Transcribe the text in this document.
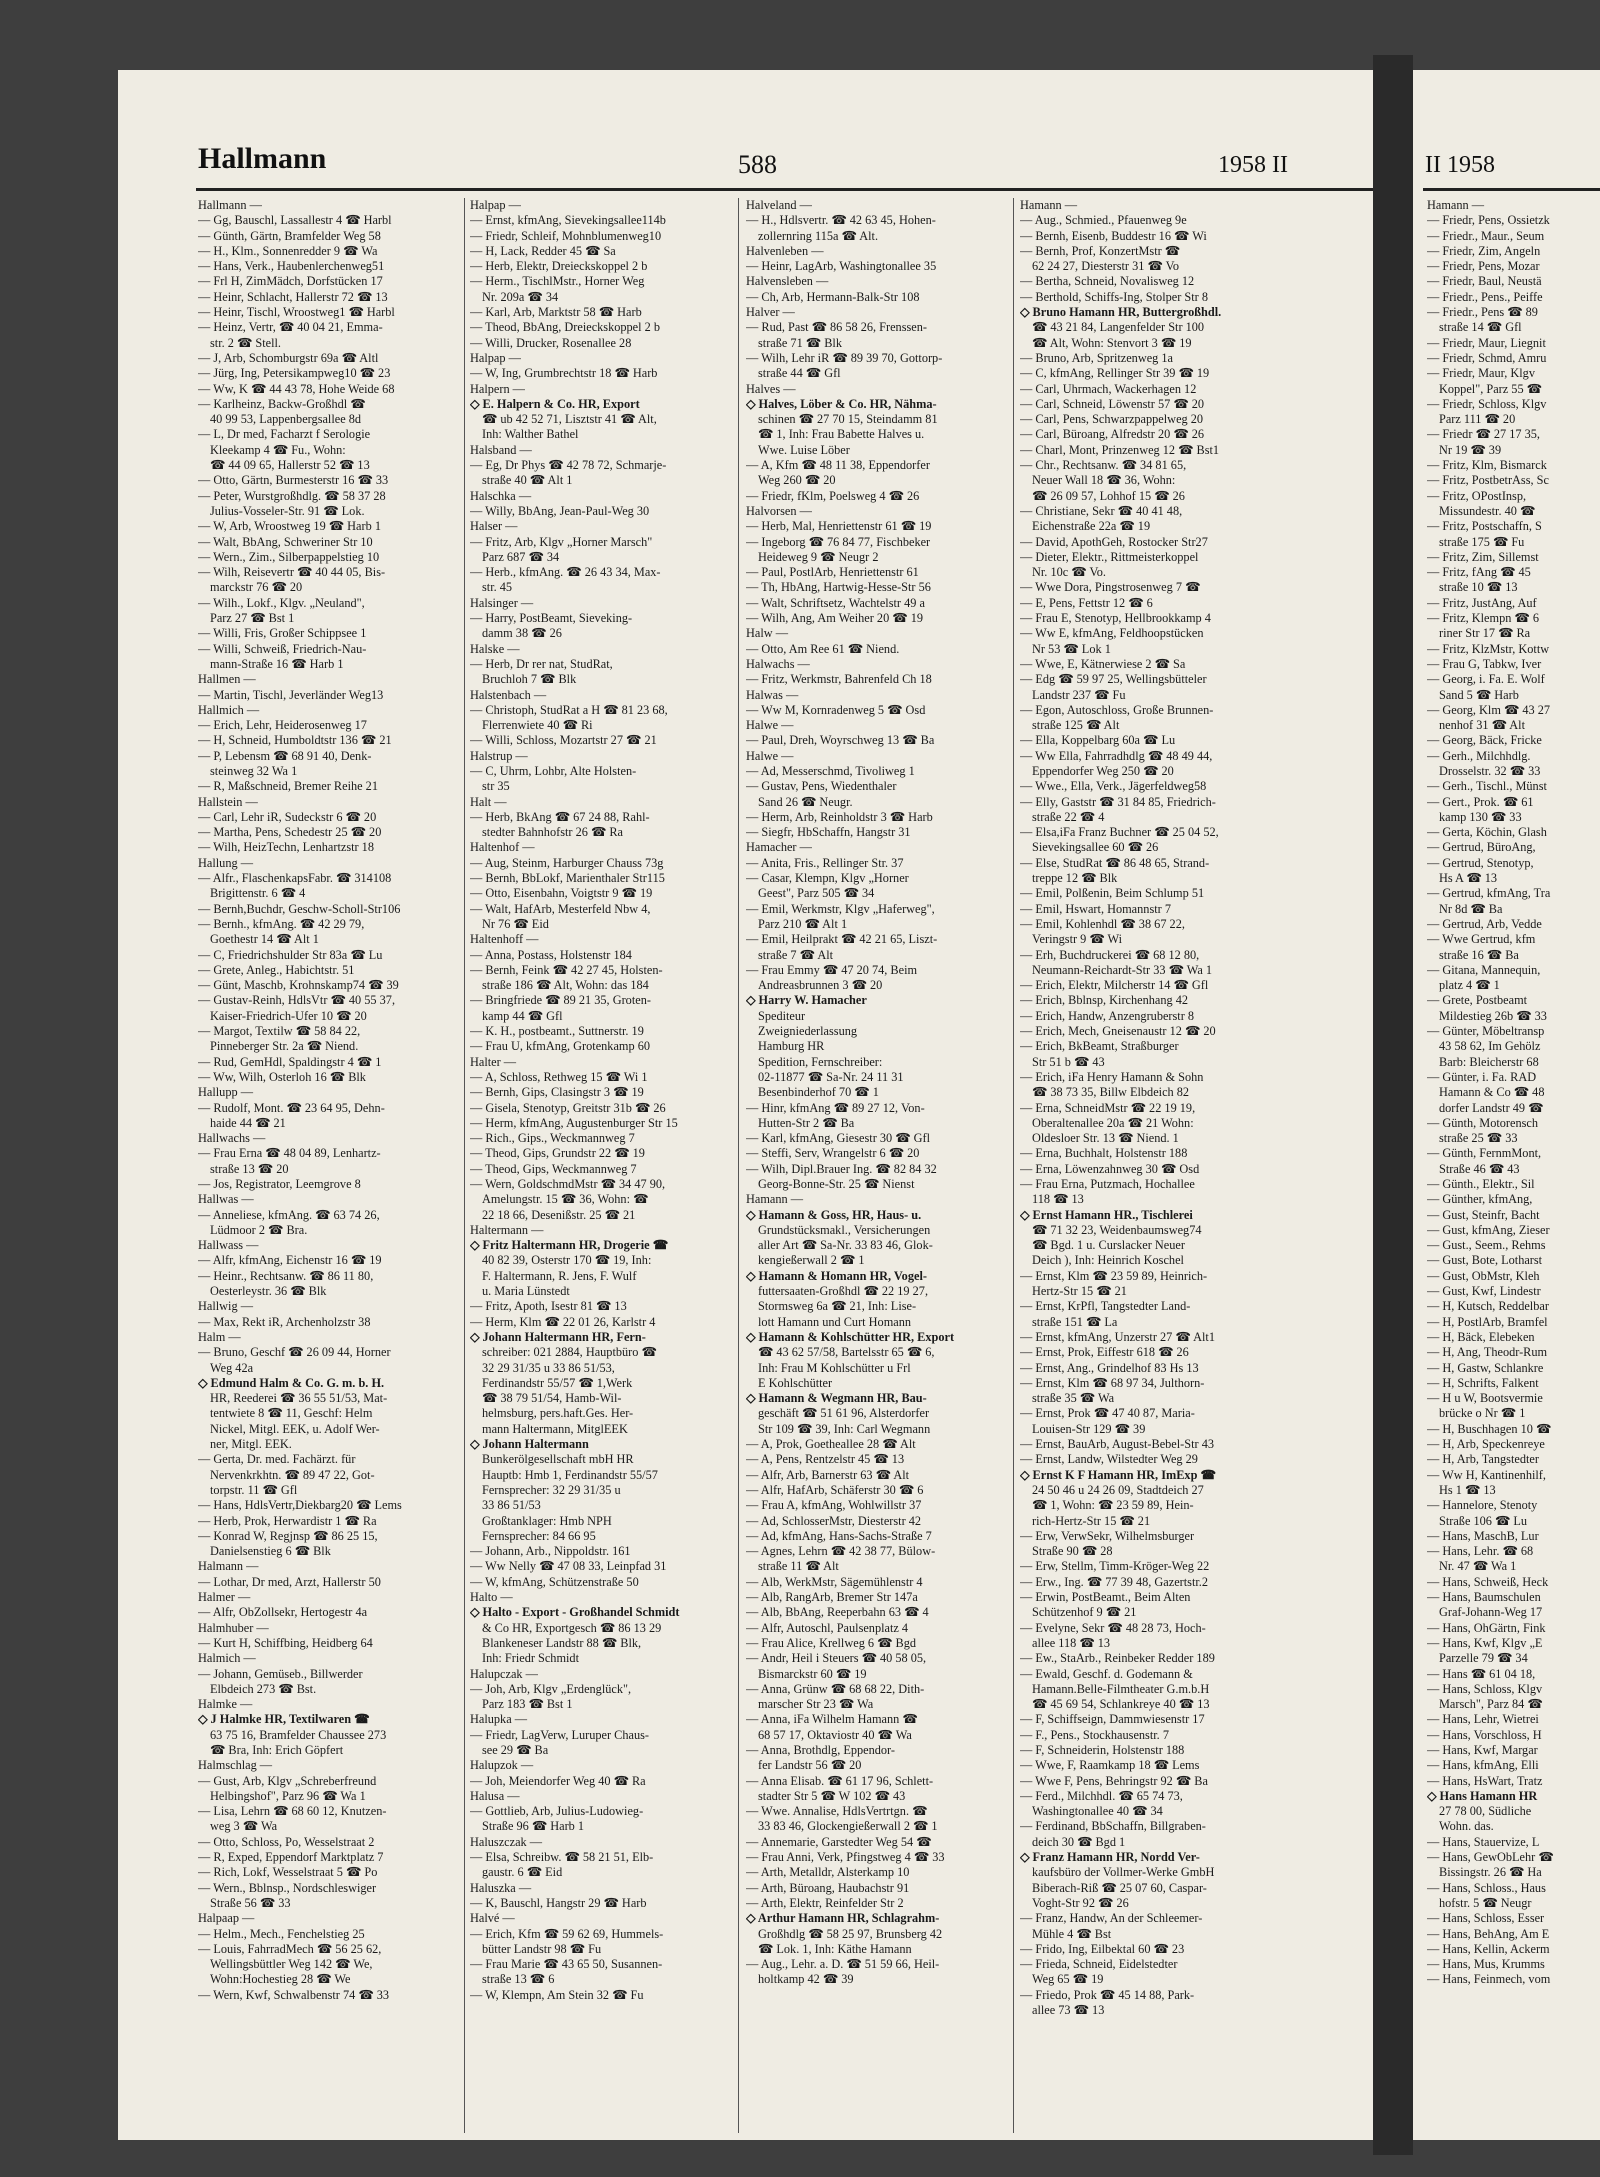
Hallmann	588	1958 II
Hallmann —
— Gg, Bauschl, Lassallestr 4 ☎ Harbl
— Günth, Gärtn, Bramfelder Weg 58
— H., Klm., Sonnenredder 9 ☎ Wa
— Hans, Verk., Haubenlerchenweg51
— Frl H, ZimMädch, Dorfstücken 17
— Heinr, Schlacht, Hallerstr 72 ☎ 13
— Heinr, Tischl, Wroostweg1 ☎ Harbl
— Heinz, Vertr, ☎ 40 04 21, Emma-
str. 2 ☎ Stell.
— J, Arb, Schomburgstr 69a ☎ Altl
— Jürg, Ing, Petersikampweg10 ☎ 23
— Ww, K ☎ 44 43 78, Hohe Weide 68
— Karlheinz, Backw-Großhdl ☎
40 99 53, Lappenbergsallee 8d
— L, Dr med, Facharzt f Serologie
Kleekamp 4 ☎ Fu., Wohn:
☎ 44 09 65, Hallerstr 52 ☎ 13
— Otto, Gärtn, Burmesterstr 16 ☎ 33
— Peter, Wurstgroßhdlg. ☎ 58 37 28
Julius-Vosseler-Str. 91 ☎ Lok.
— W, Arb, Wroostweg 19 ☎ Harb 1
— Walt, BbAng, Schweriner Str 10
— Wern., Zim., Silberpappelstieg 10
— Wilh, Reisevertr ☎ 40 44 05, Bis-
marckstr 76 ☎ 20
— Wilh., Lokf., Klgv. „Neuland",
Parz 27 ☎ Bst 1
— Willi, Fris, Großer Schippsee 1
— Willi, Schweiß, Friedrich-Nau-
mann-Straße 16 ☎ Harb 1
Hallmen —
— Martin, Tischl, Jeverländer Weg13
Hallmich —
— Erich, Lehr, Heiderosenweg 17
— H, Schneid, Humboldtstr 136 ☎ 21
— P, Lebensm ☎ 68 91 40, Denk-
steinweg 32 Wa 1
— R, Maßschneid, Bremer Reihe 21
Hallstein —
— Carl, Lehr iR, Sudeckstr 6 ☎ 20
— Martha, Pens, Schedestr 25 ☎ 20
— Wilh, HeizTechn, Lenhartzstr 18
Hallung —
— Alfr., FlaschenkapsFabr. ☎ 314108
Brigittenstr. 6 ☎ 4
— Bernh,Buchdr, Geschw-Scholl-Str106
— Bernh., kfmAng. ☎ 42 29 79,
Goethestr 14 ☎ Alt 1
— C, Friedrichshulder Str 83a ☎ Lu
— Grete, Anleg., Habichtstr. 51
— Günt, Maschb, Krohnskamp74 ☎ 39
— Gustav-Reinh, HdlsVtr ☎ 40 55 37,
Kaiser-Friedrich-Ufer 10 ☎ 20
— Margot, Textilw ☎ 58 84 22,
Pinneberger Str. 2a ☎ Niend.
— Rud, GemHdl, Spaldingstr 4 ☎ 1
— Ww, Wilh, Osterloh 16 ☎ Blk
Hallupp —
— Rudolf, Mont. ☎ 23 64 95, Dehn-
haide 44 ☎ 21
Hallwachs —
— Frau Erna ☎ 48 04 89, Lenhartz-
straße 13 ☎ 20
— Jos, Registrator, Leemgrove 8
Hallwas —
— Anneliese, kfmAng. ☎ 63 74 26,
Lüdmoor 2 ☎ Bra.
Hallwass —
— Alfr, kfmAng, Eichenstr 16 ☎ 19
— Heinr., Rechtsanw. ☎ 86 11 80,
Oesterleystr. 36 ☎ Blk
Hallwig —
— Max, Rekt iR, Archenholzstr 38
Halm —
— Bruno, Geschf ☎ 26 09 44, Horner
Weg 42a
◇ Edmund Halm & Co. G. m. b. H.
HR, Reederei ☎ 36 55 51/53, Mat-
tentwiete 8 ☎ 11, Geschf: Helm
Nickel, Mitgl. EEK, u. Adolf Wer-
ner, Mitgl. EEK.
— Gerta, Dr. med. Fachärzt. für
Nervenkrkhtn. ☎ 89 47 22, Got-
torpstr. 11 ☎ Gfl
— Hans, HdlsVertr,Diekbarg20 ☎ Lems
— Herb, Prok, Herwardistr 1 ☎ Ra
— Konrad W, Regjnsp ☎ 86 25 15,
Danielsenstieg 6 ☎ Blk
Halmann —
— Lothar, Dr med, Arzt, Hallerstr 50
Halmer —
— Alfr, ObZollsekr, Hertogestr 4a
Halmhuber —
— Kurt H, Schiffbing, Heidberg 64
Halmich —
— Johann, Gemüseb., Billwerder
Elbdeich 273 ☎ Bst.
Halmke —
◇ J Halmke HR, Textilwaren ☎
63 75 16, Bramfelder Chaussee 273
☎ Bra, Inh: Erich Göpfert
Halmschlag —
— Gust, Arb, Klgv „Schreberfreund
Helbingshof", Parz 96 ☎ Wa 1
— Lisa, Lehrn ☎ 68 60 12, Knutzen-
weg 3 ☎ Wa
— Otto, Schloss, Po, Wesselstraat 2
— R, Exped, Eppendorf Marktplatz 7
— Rich, Lokf, Wesselstraat 5 ☎ Po
— Wern., Bblnsp., Nordschleswiger
Straße 56 ☎ 33
Halpaap —
— Helm., Mech., Fenchelstieg 25
— Louis, FahrradMech ☎ 56 25 62,
Wellingsbüttler Weg 142 ☎ We,
Wohn:Hochestieg 28 ☎ We
— Wern, Kwf, Schwalbenstr 74 ☎ 33
Halpap —
— Ernst, kfmAng, Sievekingsallee114b
— Friedr, Schleif, Mohnblumenweg10
— H, Lack, Redder 45 ☎ Sa
— Herb, Elektr, Dreieckskoppel 2 b
— Herm., TischlMstr., Horner Weg
Nr. 209a ☎ 34
— Karl, Arb, Marktstr 58 ☎ Harb
— Theod, BbAng, Dreieckskoppel 2 b
— Willi, Drucker, Rosenallee 28
Halpap —
— W, Ing, Grumbrechtstr 18 ☎ Harb
Halpern —
◇ E. Halpern & Co. HR, Export
☎ ub 42 52 71, Lisztstr 41 ☎ Alt,
Inh: Walther Bathel
Halsband —
— Eg, Dr Phys ☎ 42 78 72, Schmarje-
straße 40 ☎ Alt 1
Halschka —
— Willy, BbAng, Jean-Paul-Weg 30
Halser —
— Fritz, Arb, Klgv „Horner Marsch"
Parz 687 ☎ 34
— Herb., kfmAng. ☎ 26 43 34, Max-
str. 45
Halsinger —
— Harry, PostBeamt, Sieveking-
damm 38 ☎ 26
Halske —
— Herb, Dr rer nat, StudRat,
Bruchloh 7 ☎ Blk
Halstenbach —
— Christoph, StudRat a H ☎ 81 23 68,
Flerrenwiete 40 ☎ Ri
— Willi, Schloss, Mozartstr 27 ☎ 21
Halstrup —
— C, Uhrm, Lohbr, Alte Holsten-
str 35
Halt —
— Herb, BkAng ☎ 67 24 88, Rahl-
stedter Bahnhofstr 26 ☎ Ra
Haltenhof —
— Aug, Steinm, Harburger Chauss 73g
— Bernh, BbLokf, Marienthaler Str115
— Otto, Eisenbahn, Voigtstr 9 ☎ 19
— Walt, HafArb, Mesterfeld Nbw 4,
Nr 76 ☎ Eid
Haltenhoff —
— Anna, Postass, Holstenstr 184
— Bernh, Feink ☎ 42 27 45, Holsten-
straße 186 ☎ Alt, Wohn: das 184
— Bringfriede ☎ 89 21 35, Groten-
kamp 44 ☎ Gfl
— K. H., postbeamt., Suttnerstr. 19
— Frau U, kfmAng, Grotenkamp 60
Halter —
— A, Schloss, Rethweg 15 ☎ Wi 1
— Bernh, Gips, Clasingstr 3 ☎ 19
— Gisela, Stenotyp, Greitstr 31b ☎ 26
— Herm, kfmAng, Augustenburger Str 15
— Rich., Gips., Weckmannweg 7
— Theod, Gips, Grundstr 22 ☎ 19
— Theod, Gips, Weckmannweg 7
— Wern, GoldschmdMstr ☎ 34 47 90,
Amelungstr. 15 ☎ 36, Wohn: ☎
22 18 66, Desenißstr. 25 ☎ 21
Haltermann —
◇ Fritz Haltermann HR, Drogerie ☎
40 82 39, Osterstr 170 ☎ 19, Inh:
F. Haltermann, R. Jens, F. Wulf
u. Maria Lünstedt
— Fritz, Apoth, Isestr 81 ☎ 13
— Herm, Klm ☎ 22 01 26, Karlstr 4
◇ Johann Haltermann HR, Fern-
schreiber: 021 2884, Hauptbüro ☎
32 29 31/35 u 33 86 51/53,
Ferdinandstr 55/57 ☎ 1,Werk
☎ 38 79 51/54, Hamb-Wil-
helmsburg, pers.haft.Ges. Her-
mann Haltermann, MitglEEK
◇ Johann Haltermann
Bunkerölgesellschaft mbH HR
Hauptb: Hmb 1, Ferdinandstr 55/57
Fernsprecher: 32 29 31/35 u
33 86 51/53
Großtanklager: Hmb NPH
Fernsprecher: 84 66 95
— Johann, Arb., Nippoldstr. 161
— Ww Nelly ☎ 47 08 33, Leinpfad 31
— W, kfmAng, Schützenstraße 50
Halto —
◇ Halto - Export - Großhandel Schmidt
& Co HR, Exportgesch ☎ 86 13 29
Blankeneser Landstr 88 ☎ Blk,
Inh: Friedr Schmidt
Halupczak —
— Joh, Arb, Klgv „Erdenglück",
Parz 183 ☎ Bst 1
Halupka —
— Friedr, LagVerw, Luruper Chaus-
see 29 ☎ Ba
Halupzok —
— Joh, Meiendorfer Weg 40 ☎ Ra
Halusa —
— Gottlieb, Arb, Julius-Ludowieg-
Straße 96 ☎ Harb 1
Haluszczak —
— Elsa, Schreibw. ☎ 58 21 51, Elb-
gaustr. 6 ☎ Eid
Haluszka —
— K, Bauschl, Hangstr 29 ☎ Harb
Halvé —
— Erich, Kfm ☎ 59 62 69, Hummels-
bütter Landstr 98 ☎ Fu
— Frau Marie ☎ 43 65 50, Susannen-
straße 13 ☎ 6
— W, Klempn, Am Stein 32 ☎ Fu
Halveland —
— H., Hdlsvertr. ☎ 42 63 45, Hohen-
zollernring 115a ☎ Alt.
Halvenleben —
— Heinr, LagArb, Washingtonallee 35
Halvensleben —
— Ch, Arb, Hermann-Balk-Str 108
Halver —
— Rud, Past ☎ 86 58 26, Frenssen-
straße 71 ☎ Blk
— Wilh, Lehr iR ☎ 89 39 70, Gottorp-
straße 44 ☎ Gfl
Halves —
◇ Halves, Löber & Co. HR, Nähma-
schinen ☎ 27 70 15, Steindamm 81
☎ 1, Inh: Frau Babette Halves u.
Wwe. Luise Löber
— A, Kfm ☎ 48 11 38, Eppendorfer
Weg 260 ☎ 20
— Friedr, fKlm, Poelsweg 4 ☎ 26
Halvorsen —
— Herb, Mal, Henriettenstr 61 ☎ 19
— Ingeborg ☎ 76 84 77, Fischbeker
Heideweg 9 ☎ Neugr 2
— Paul, PostlArb, Henriettenstr 61
— Th, HbAng, Hartwig-Hesse-Str 56
— Walt, Schriftsetz, Wachtelstr 49 a
— Wilh, Ang, Am Weiher 20 ☎ 19
Halw —
— Otto, Am Ree 61 ☎ Niend.
Halwachs —
— Fritz, Werkmstr, Bahrenfeld Ch 18
Halwas —
— Ww M, Kornradenweg 5 ☎ Osd
Halwe —
— Paul, Dreh, Woyrschweg 13 ☎ Ba
Halwe —
— Ad, Messerschmd, Tivoliweg 1
— Gustav, Pens, Wiedenthaler
Sand 26 ☎ Neugr.
— Herm, Arb, Reinholdstr 3 ☎ Harb
— Siegfr, HbSchaffn, Hangstr 31
Hamacher —
— Anita, Fris., Rellinger Str. 37
— Casar, Klempn, Klgv „Horner
Geest", Parz 505 ☎ 34
— Emil, Werkmstr, Klgv „Haferweg",
Parz 210 ☎ Alt 1
— Emil, Heilprakt ☎ 42 21 65, Liszt-
straße 7 ☎ Alt
— Frau Emmy ☎ 47 20 74, Beim
Andreasbrunnen 3 ☎ 20
◇ Harry W. Hamacher
Spediteur
Zweigniederlassung
Hamburg HR
Spedition, Fernschreiber:
02-11877 ☎ Sa-Nr. 24 11 31
Besenbinderhof 70 ☎ 1
— Hinr, kfmAng ☎ 89 27 12, Von-
Hutten-Str 2 ☎ Ba
— Karl, kfmAng, Giesestr 30 ☎ Gfl
— Steffi, Serv, Wrangelstr 6 ☎ 20
— Wilh, Dipl.Brauer Ing. ☎ 82 84 32
Georg-Bonne-Str. 25 ☎ Nienst
Hamann —
◇ Hamann & Goss, HR, Haus- u.
Grundstücksmakl., Versicherungen
aller Art ☎ Sa-Nr. 33 83 46, Glok-
kengießerwall 2 ☎ 1
◇ Hamann & Homann HR, Vogel-
futtersaaten-Großhdl ☎ 22 19 27,
Stormsweg 6a ☎ 21, Inh: Lise-
lott Hamann und Curt Homann
◇ Hamann & Kohlschütter HR, Export
☎ 43 62 57/58, Bartelsstr 65 ☎ 6,
Inh: Frau M Kohlschütter u Frl
E Kohlschütter
◇ Hamann & Wegmann HR, Bau-
geschäft ☎ 51 61 96, Alsterdorfer
Str 109 ☎ 39, Inh: Carl Wegmann
— A, Prok, Goetheallee 28 ☎ Alt
— A, Pens, Rentzelstr 45 ☎ 13
— Alfr, Arb, Barnerstr 63 ☎ Alt
— Alfr, HafArb, Schäferstr 30 ☎ 6
— Frau A, kfmAng, Wohlwillstr 37
— Ad, SchlosserMstr, Diesterstr 42
— Ad, kfmAng, Hans-Sachs-Straße 7
— Agnes, Lehrn ☎ 42 38 77, Bülow-
straße 11 ☎ Alt
— Alb, WerkMstr, Sägemühlenstr 4
— Alb, RangArb, Bremer Str 147a
— Alb, BbAng, Reeperbahn 63 ☎ 4
— Alfr, Autoschl, Paulsenplatz 4
— Frau Alice, Krellweg 6 ☎ Bgd
— Andr, Heil i Steuers ☎ 40 58 05,
Bismarckstr 60 ☎ 19
— Anna, Grünw ☎ 68 68 22, Dith-
marscher Str 23 ☎ Wa
— Anna, iFa Wilhelm Hamann ☎
68 57 17, Oktaviostr 40 ☎ Wa
— Anna, Brothdlg, Eppendor-
fer Landstr 56 ☎ 20
— Anna Elisab. ☎ 61 17 96, Schlett-
stadter Str 5 ☎ W 102 ☎ 43
— Wwe. Annalise, HdlsVertrtgn. ☎
33 83 46, Glockengießerwall 2 ☎ 1
— Annemarie, Garstedter Weg 54 ☎
— Frau Anni, Verk, Pfingstweg 4 ☎ 33
— Arth, Metalldr, Alsterkamp 10
— Arth, Büroang, Haubachstr 91
— Arth, Elektr, Reinfelder Str 2
◇ Arthur Hamann HR, Schlagrahm-
Großhdlg ☎ 58 25 97, Brunsberg 42
☎ Lok. 1, Inh: Käthe Hamann
— Aug., Lehr. a. D. ☎ 51 59 66, Heil-
holtkamp 42 ☎ 39
Hamann —
— Aug., Schmied., Pfauenweg 9e
— Bernh, Eisenb, Buddestr 16 ☎ Wi
— Bernh, Prof, KonzertMstr ☎
62 24 27, Diesterstr 31 ☎ Vo
— Bertha, Schneid, Novalisweg 12
— Berthold, Schiffs-Ing, Stolper Str 8
◇ Bruno Hamann HR, Buttergroßhdl.
☎ 43 21 84, Langenfelder Str 100
☎ Alt, Wohn: Stenvort 3 ☎ 19
— Bruno, Arb, Spritzenweg 1a
— C, kfmAng, Rellinger Str 39 ☎ 19
— Carl, Uhrmach, Wackerhagen 12
— Carl, Schneid, Löwenstr 57 ☎ 20
— Carl, Pens, Schwarzpappelweg 20
— Carl, Büroang, Alfredstr 20 ☎ 26
— Charl, Mont, Prinzenweg 12 ☎ Bst1
— Chr., Rechtsanw. ☎ 34 81 65,
Neuer Wall 18 ☎ 36, Wohn:
☎ 26 09 57, Lohhof 15 ☎ 26
— Christiane, Sekr ☎ 40 41 48,
Eichenstraße 22a ☎ 19
— David, ApothGeh, Rostocker Str27
— Dieter, Elektr., Rittmeisterkoppel
Nr. 10c ☎ Vo.
— Wwe Dora, Pingstrosenweg 7 ☎
— E, Pens, Fettstr 12 ☎ 6
— Frau E, Stenotyp, Hellbrookkamp 4
— Ww E, kfmAng, Feldhoopstücken
Nr 53 ☎ Lok 1
— Wwe, E, Kätnerwiese 2 ☎ Sa
— Edg ☎ 59 97 25, Wellingsbütteler
Landstr 237 ☎ Fu
— Egon, Autoschloss, Große Brunnen-
straße 125 ☎ Alt
— Ella, Koppelbarg 60a ☎ Lu
— Ww Ella, Fahrradhdlg ☎ 48 49 44,
Eppendorfer Weg 250 ☎ 20
— Wwe., Ella, Verk., Jägerfeldweg58
— Elly, Gaststr ☎ 31 84 85, Friedrich-
straße 22 ☎ 4
— Elsa,iFa Franz Buchner ☎ 25 04 52,
Sievekingsallee 60 ☎ 26
— Else, StudRat ☎ 86 48 65, Strand-
treppe 12 ☎ Blk
— Emil, Polßenin, Beim Schlump 51
— Emil, Hswart, Homannstr 7
— Emil, Kohlenhdl ☎ 38 67 22,
Veringstr 9 ☎ Wi
— Erh, Buchdruckerei ☎ 68 12 80,
Neumann-Reichardt-Str 33 ☎ Wa 1
— Erich, Elektr, Milcherstr 14 ☎ Gfl
— Erich, Bblnsp, Kirchenhang 42
— Erich, Handw, Anzengruberstr 8
— Erich, Mech, Gneisenaustr 12 ☎ 20
— Erich, BkBeamt, Straßburger
Str 51 b ☎ 43
— Erich, iFa Henry Hamann & Sohn
☎ 38 73 35, Billw Elbdeich 82
— Erna, SchneidMstr ☎ 22 19 19,
Oberaltenallee 20a ☎ 21 Wohn:
Oldesloer Str. 13 ☎ Niend. 1
— Erna, Buchhalt, Holstenstr 188
— Erna, Löwenzahnweg 30 ☎ Osd
— Frau Erna, Putzmach, Hochallee
118 ☎ 13
◇ Ernst Hamann HR., Tischlerei
☎ 71 32 23, Weidenbaumsweg74
☎ Bgd. 1 u. Curslacker Neuer
Deich ), Inh: Heinrich Koschel
— Ernst, Klm ☎ 23 59 89, Heinrich-
Hertz-Str 15 ☎ 21
— Ernst, KrPfl, Tangstedter Land-
straße 151 ☎ La
— Ernst, kfmAng, Unzerstr 27 ☎ Alt1
— Ernst, Prok, Eiffestr 618 ☎ 26
— Ernst, Ang., Grindelhof 83 Hs 13
— Ernst, Klm ☎ 68 97 34, Julthorn-
straße 35 ☎ Wa
— Ernst, Prok ☎ 47 40 87, Maria-
Louisen-Str 129 ☎ 39
— Ernst, BauArb, August-Bebel-Str 43
— Ernst, Landw, Wilstedter Weg 29
◇ Ernst K F Hamann HR, ImExp ☎
24 50 46 u 24 26 09, Stadtdeich 27
☎ 1, Wohn: ☎ 23 59 89, Hein-
rich-Hertz-Str 15 ☎ 21
— Erw, VerwSekr, Wilhelmsburger
Straße 90 ☎ 28
— Erw, Stellm, Timm-Kröger-Weg 22
— Erw., Ing. ☎ 77 39 48, Gazertstr.2
— Erwin, PostBeamt., Beim Alten
Schützenhof 9 ☎ 21
— Evelyne, Sekr ☎ 48 28 73, Hoch-
allee 118 ☎ 13
— Ew., StaArb., Reinbeker Redder 189
— Ewald, Geschf. d. Godemann &
Hamann.Belle-Filmtheater G.m.b.H
☎ 45 69 54, Schlankreye 40 ☎ 13
— F, Schiffseign, Dammwiesenstr 17
— F., Pens., Stockhausenstr. 7
— F, Schneiderin, Holstenstr 188
— Wwe, F, Raamkamp 18 ☎ Lems
— Wwe F, Pens, Behringstr 92 ☎ Ba
— Ferd., Milchhdl. ☎ 65 74 73,
Washingtonallee 40 ☎ 34
— Ferdinand, BbSchaffn, Billgraben-
deich 30 ☎ Bgd 1
◇ Franz Hamann HR, Nordd Ver-
kaufsbüro der Vollmer-Werke GmbH
Biberach-Riß ☎ 25 07 60, Caspar-
Voght-Str 92 ☎ 26
— Franz, Handw, An der Schleemer-
Mühle 4 ☎ Bst
— Frido, Ing, Eilbektal 60 ☎ 23
— Frieda, Schneid, Eidelstedter
Weg 65 ☎ 19
— Friedo, Prok ☎ 45 14 88, Park-
allee 73 ☎ 13
II 1958
Hamann —
— Friedr, Pens, Ossietzk
— Friedr., Maur., Seum
— Friedr, Zim, Angeln
— Friedr, Pens, Mozar
— Friedr, Baul, Neustä
— Friedr., Pens., Peiffe
— Friedr., Pens ☎ 89
straße 14 ☎ Gfl
— Friedr, Maur, Liegnit
— Friedr, Schmd, Amru
— Friedr, Maur, Klgv
Koppel", Parz 55 ☎
— Friedr, Schloss, Klgv
Parz 111 ☎ 20
— Friedr ☎ 27 17 35,
Nr 19 ☎ 39
— Fritz, Klm, Bismarck
— Fritz, PostbetrAss, Sc
— Fritz, OPostInsp,
Missundestr. 40 ☎
— Fritz, Postschaffn, S
straße 175 ☎ Fu
— Fritz, Zim, Sillemst
— Fritz, fAng ☎ 45
straße 10 ☎ 13
— Fritz, JustAng, Auf
— Fritz, Klempn ☎ 6
riner Str 17 ☎ Ra
— Fritz, KlzMstr, Kottw
— Frau G, Tabkw, Iver
— Georg, i. Fa. E. Wolf
Sand 5 ☎ Harb
— Georg, Klm ☎ 43 27
nenhof 31 ☎ Alt
— Georg, Bäck, Fricke
— Gerh., Milchhdlg.
Drosselstr. 32 ☎ 33
— Gerh., Tischl., Münst
— Gert., Prok. ☎ 61
kamp 130 ☎ 33
— Gerta, Köchin, Glash
— Gertrud, BüroAng,
— Gertrud, Stenotyp,
Hs A ☎ 13
— Gertrud, kfmAng, Tra
Nr 8d ☎ Ba
— Gertrud, Arb, Vedde
— Wwe Gertrud, kfm
straße 16 ☎ Ba
— Gitana, Mannequin,
platz 4 ☎ 1
— Grete, Postbeamt
Mildestieg 26b ☎ 33
— Günter, Möbeltransp
43 58 62, Im Gehölz
Barb: Bleicherstr 68
— Günter, i. Fa. RAD
Hamann & Co ☎ 48
dorfer Landstr 49 ☎
— Günth, Motorensch
straße 25 ☎ 33
— Günth, FernmMont,
Straße 46 ☎ 43
— Günth., Elektr., Sil
— Günther, kfmAng,
— Gust, Steinfr, Bacht
— Gust, kfmAng, Zieser
— Gust., Seem., Rehms
— Gust, Bote, Lotharst
— Gust, ObMstr, Kleh
— Gust, Kwf, Lindestr
— H, Kutsch, Reddelbar
— H, PostlArb, Bramfel
— H, Bäck, Elebeken
— H, Ang, Theodr-Rum
— H, Gastw, Schlankre
— H, Schrifts, Falkent
— H u W, Bootsvermie
brücke o Nr ☎ 1
— H, Buschhagen 10 ☎
— H, Arb, Speckenreye
— H, Arb, Tangstedter
— Ww H, Kantinenhilf,
Hs 1 ☎ 13
— Hannelore, Stenoty
Straße 106 ☎ Lu
— Hans, MaschB, Lur
— Hans, Lehr. ☎ 68
Nr. 47 ☎ Wa 1
— Hans, Schweiß, Heck
— Hans, Baumschulen
Graf-Johann-Weg 17
— Hans, OhGärtn, Fink
— Hans, Kwf, Klgv „E
Parzelle 79 ☎ 34
— Hans ☎ 61 04 18,
— Hans, Schloss, Klgv
Marsch", Parz 84 ☎
— Hans, Lehr, Wietrei
— Hans, Vorschloss, H
— Hans, Kwf, Margar
— Hans, kfmAng, Elli
— Hans, HsWart, Tratz
◇ Hans Hamann HR
27 78 00, Südliche
Wohn. das.
— Hans, Stauervize, L
— Hans, GewObLehr ☎
Bissingstr. 26 ☎ Ha
— Hans, Schloss., Haus
hofstr. 5 ☎ Neugr
— Hans, Schloss, Esser
— Hans, BehAng, Am E
— Hans, Kellin, Ackerm
— Hans, Mus, Krumms
— Hans, Feinmech, vom
